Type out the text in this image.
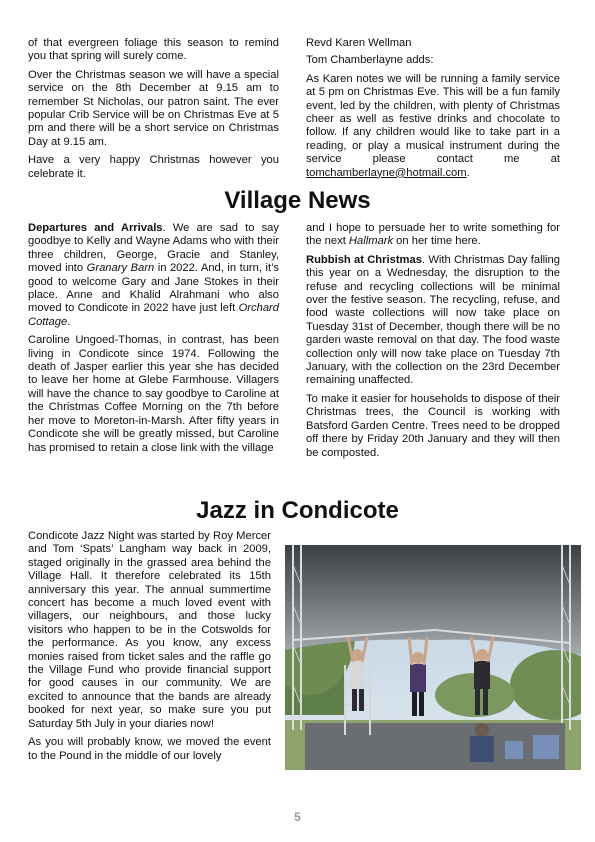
of that evergreen foliage this season to remind you that spring will surely come.

Over the Christmas season we will have a special service on the 8th December at 9.15 am to remember St Nicholas, our patron saint. The ever popular Crib Service will be on Christmas Eve at 5 pm and there will be a short service on Christmas Day at 9.15 am.

Have a very happy Christmas however you celebrate it.

Revd Karen Wellman

Tom Chamberlayne adds:

As Karen notes we will be running a family service at 5 pm on Christmas Eve. This will be a fun family event, led by the children, with plenty of Christmas cheer as well as festive drinks and chocolate to follow. If any children would like to take part in a reading, or play a musical instrument during the service please contact me at tomchamberlayne@hotmail.com.

Village News

Departures and Arrivals. We are sad to say goodbye to Kelly and Wayne Adams who with their three children, George, Gracie and Stanley, moved into Granary Barn in 2022. And, in turn, it’s good to welcome Gary and Jane Stokes in their place. Anne and Khalid Alrahmani who also moved to Condicote in 2022 have just left Orchard Cottage.

Caroline Ungoed-Thomas, in contrast, has been living in Condicote since 1974. Following the death of Jasper earlier this year she has decided to leave her home at Glebe Farmhouse. Villagers will have the chance to say goodbye to Caroline at the Christmas Coffee Morning on the 7th before her move to Moreton-in-Marsh. After fifty years in Condicote she will be greatly missed, but Caroline has promised to retain a close link with the village

and I hope to persuade her to write something for the next Hallmark on her time here.

Rubbish at Christmas. With Christmas Day falling this year on a Wednesday, the disruption to the refuse and recycling collections will be minimal over the festive season. The recycling, refuse, and food waste collections will now take place on Tuesday 31st of December, though there will be no garden waste removal on that day. The food waste collection only will now take place on Tuesday 7th January, with the collection on the 23rd December remaining unaffected.

To make it easier for households to dispose of their Christmas trees, the Council is working with Batsford Garden Centre. Trees need to be dropped off there by Friday 20th January and they will then be composted.

Jazz in Condicote

Condicote Jazz Night was started by Roy Mercer and Tom ‘Spats’ Langham way back in 2009, staged originally in the grassed area behind the Village Hall. It therefore celebrated its 15th anniversary this year. The annual summertime concert has become a much loved event with villagers, our neighbours, and those lucky visitors who happen to be in the Cotswolds for the performance. As you know, any excess monies raised from ticket sales and the raffle go the Village Fund who provide financial support for good causes in our community. We are excited to announce that the bands are already booked for next year, so make sure you put Saturday 5th July in your diaries now!

As you will probably know, we moved the event to the Pound in the middle of our lovely

5
